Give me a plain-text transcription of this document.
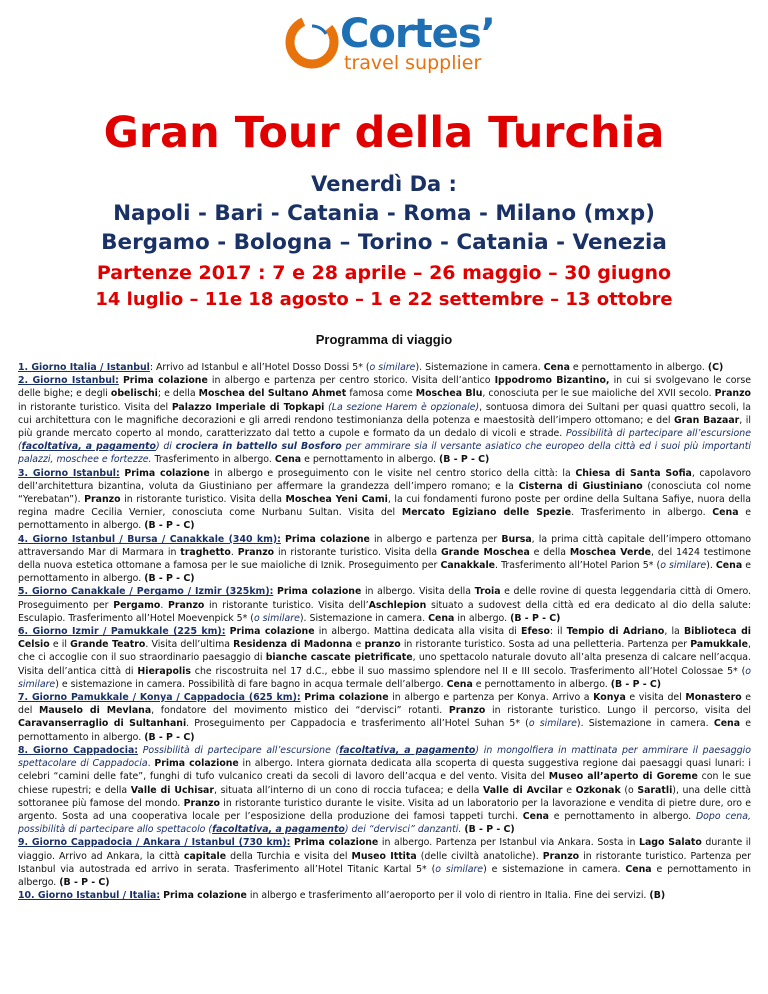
Cortes’
travel supplier
Gran Tour della Turchia
Venerdì Da :
Napoli - Bari - Catania - Roma - Milano (mxp)
Bergamo - Bologna – Torino - Catania - Venezia
Partenze 2017 : 7 e 28 aprile – 26 maggio – 30 giugno
14 luglio – 11e 18 agosto – 1 e 22 settembre – 13 ottobre
Programma di viaggio

1. Giorno Italia / Istanbul: Arrivo ad Istanbul e all’Hotel Dosso Dossi 5* (o similare). Sistemazione in camera. Cena e pernottamento in albergo. (C)

2. Giorno Istanbul: Prima colazione in albergo e partenza per centro storico. Visita dell’antico Ippodromo Bizantino, in cui si svolgevano le corse delle bighe; e degli obelischi; e della Moschea del Sultano Ahmet famosa come Moschea Blu, conosciuta per le sue maioliche del XVII secolo. Pranzo in ristorante turistico. Visita del Palazzo Imperiale di Topkapi (La sezione Harem è opzionale), sontuosa dimora dei Sultani per quasi quattro secoli, la cui architettura con le magnifiche decorazioni e gli arredi rendono testimonianza della potenza e maestosità dell’impero ottomano; e del Gran Bazaar, il più grande mercato coperto al mondo, caratterizzato dal tetto a cupole e formato da un dedalo di vicoli e strade. Possibilità di partecipare all’escursione (facoltativa, a pagamento) di crociera in battello sul Bosforo per ammirare sia il versante asiatico che europeo della città ed i suoi più importanti palazzi, moschee e fortezze. Trasferimento in albergo. Cena e pernottamento in albergo. (B - P - C)

3. Giorno Istanbul: Prima colazione in albergo e proseguimento con le visite nel centro storico della città: la Chiesa di Santa Sofia, capolavoro dell’architettura bizantina, voluta da Giustiniano per affermare la grandezza dell’impero romano; e la Cisterna di Giustiniano (conosciuta col nome “Yerebatan”). Pranzo in ristorante turistico. Visita della Moschea Yeni Cami, la cui fondamenti furono poste per ordine della Sultana Safiye, nuora della regina madre Cecilia Vernier, conosciuta come Nurbanu Sultan. Visita del Mercato Egiziano delle Spezie. Trasferimento in albergo. Cena e pernottamento in albergo. (B - P - C)

4. Giorno Istanbul / Bursa / Canakkale (340 km): Prima colazione in albergo e partenza per Bursa, la prima città capitale dell’impero ottomano attraversando Mar di Marmara in traghetto. Pranzo in ristorante turistico. Visita della Grande Moschea e della Moschea Verde, del 1424 testimone della nuova estetica ottomane a famosa per le sue maioliche di Iznik. Proseguimento per Canakkale. Trasferimento all’Hotel Parion 5* (o similare). Cena e pernottamento in albergo. (B - P - C)

5. Giorno Canakkale / Pergamo / Izmir (325km): Prima colazione in albergo. Visita della Troia e delle rovine di questa leggendaria città di Omero. Proseguimento per Pergamo. Pranzo in ristorante turistico. Visita dell’Aschlepion situato a sudovest della città ed era dedicato al dio della salute: Esculapio. Trasferimento all’Hotel Moevenpick 5* (o similare). Sistemazione in camera. Cena in albergo. (B - P - C)

6. Giorno Izmir / Pamukkale (225 km): Prima colazione in albergo. Mattina dedicata alla visita di Efeso: il Tempio di Adriano, la Biblioteca di Celsio e il Grande Teatro. Visita dell’ultima Residenza di Madonna e pranzo in ristorante turistico. Sosta ad una pelletteria. Partenza per Pamukkale, che ci accoglie con il suo straordinario paesaggio di bianche cascate pietrificate, uno spettacolo naturale dovuto all’alta presenza di calcare nell’acqua. Visita dell’antica città di Hierapolis che riscostruita nel 17 d.C., ebbe il suo massimo splendore nel II e III secolo. Trasferimento all’Hotel Colossae 5* (o similare) e sistemazione in camera. Possibilità di fare bagno in acqua termale dell’albergo. Cena e pernottamento in albergo. (B - P - C)

7. Giorno Pamukkale / Konya / Cappadocia (625 km): Prima colazione in albergo e partenza per Konya. Arrivo a Konya e visita del Monastero e del Mauselo di Mevlana, fondatore del movimento mistico dei “dervisci” rotanti. Pranzo in ristorante turistico. Lungo il percorso, visita del Caravanserraglio di Sultanhani. Proseguimento per Cappadocia e trasferimento all’Hotel Suhan 5* (o similare). Sistemazione in camera. Cena e pernottamento in albergo. (B - P - C)

8. Giorno Cappadocia: Possibilità di partecipare all’escursione (facoltativa, a pagamento) in mongolfiera in mattinata per ammirare il paesaggio spettacolare di Cappadocia. Prima colazione in albergo. Intera giornata dedicata alla scoperta di questa suggestiva regione dai paesaggi quasi lunari: i celebri “camini delle fate”, funghi di tufo vulcanico creati da secoli di lavoro dell’acqua e del vento. Visita del Museo all’aperto di Goreme con le sue chiese rupestri; e della Valle di Uchisar, situata all’interno di un cono di roccia tufacea; e della Valle di Avcilar e Ozkonak (o Saratli), una delle città sottoranee più famose del mondo. Pranzo in ristorante turistico durante le visite. Visita ad un laboratorio per la lavorazione e vendita di pietre dure, oro e argento. Sosta ad una cooperativa locale per l’esposizione della produzione dei famosi tappeti turchi. Cena e pernottamento in albergo. Dopo cena, possibilità di partecipare allo spettacolo (facoltativa, a pagamento) dei “dervisci” danzanti. (B - P - C)

9. Giorno Cappadocia / Ankara / Istanbul (730 km): Prima colazione in albergo. Partenza per Istanbul via Ankara. Sosta in Lago Salato durante il viaggio. Arrivo ad Ankara, la città capitale della Turchia e visita del Museo Ittita (delle civiltà anatoliche). Pranzo in ristorante turistico. Partenza per Istanbul via autostrada ed arrivo in serata. Trasferimento all’Hotel Titanic Kartal 5* (o similare) e sistemazione in camera. Cena e pernottamento in albergo. (B - P - C)

10. Giorno Istanbul / Italia: Prima colazione in albergo e trasferimento all’aeroporto per il volo di rientro in Italia. Fine dei servizi. (B)
